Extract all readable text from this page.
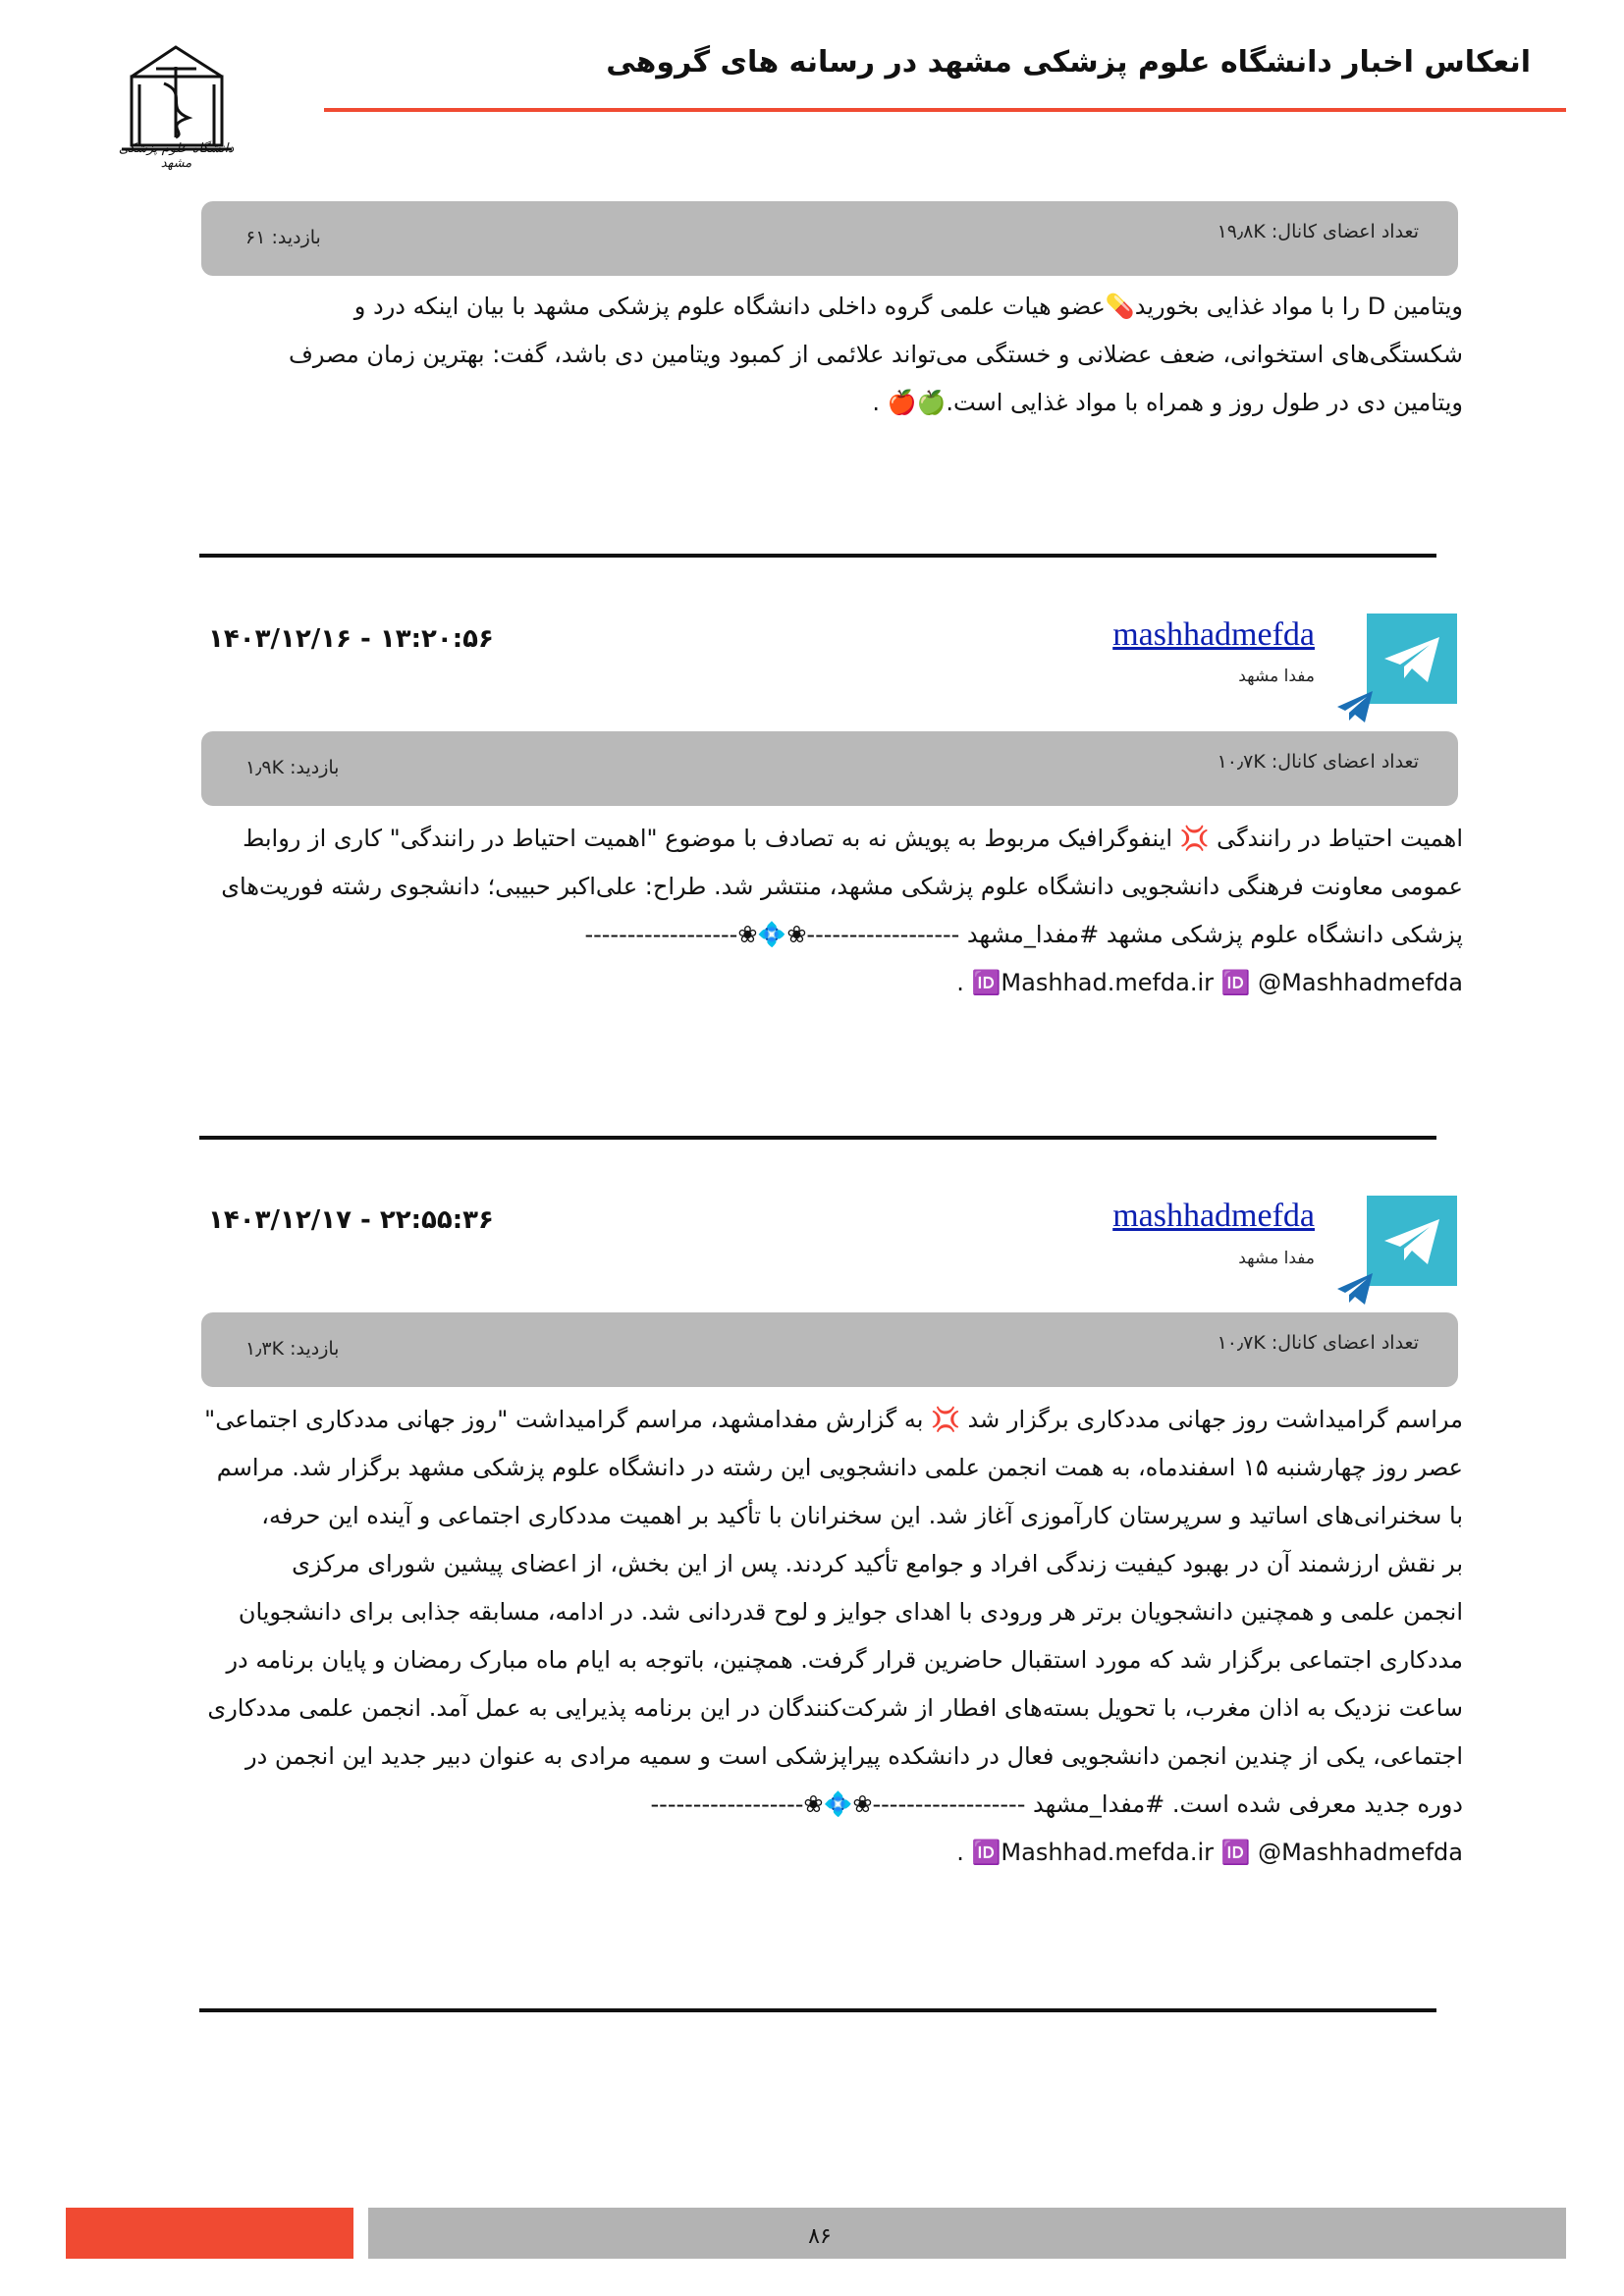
دانشگاه علوم پزشکی مشهد
انعکاس اخبار دانشگاه علوم پزشکی مشهد در رسانه های گروهی
تعداد اعضای کانال: ۱۹٫۸K
بازدید: ۶۱
ویتامین D را با مواد غذایی بخورید💊عضو هیات علمی گروه داخلی دانشگاه علوم پزشکی مشهد با بیان اینکه درد و
شکستگی‌های استخوانی، ضعف عضلانی و خستگی می‌تواند علائمی از کمبود ویتامین دی باشد، گفت: بهترین زمان مصرف
ویتامین دی در طول روز و همراه با مواد غذایی است.🍏🍎 .
mashhadmefda
مفدا مشهد
۱۴۰۳/۱۲/۱۶ - ۱۳:۲۰:۵۶
تعداد اعضای کانال: ۱۰٫۷K
بازدید: ۱٫۹K
اهمیت احتیاط در رانندگی 💢 اینفوگرافیک مربوط به پویش نه به تصادف با موضوع "اهمیت احتیاط در رانندگی" کاری از روابط
عمومی معاونت فرهنگی دانشجویی دانشگاه علوم پزشکی مشهد، منتشر شد. طراح: علی‌اکبر حبیبی؛ دانشجوی رشته فوریت‌های
پزشکی دانشگاه علوم پزشکی مشهد #مفدا_مشهد ------------------❀💠❀------------------
🆔Mashhad.mefda.ir 🆔 @Mashhadmefda .
mashhadmefda
مفدا مشهد
۱۴۰۳/۱۲/۱۷ - ۲۲:۵۵:۳۶
تعداد اعضای کانال: ۱۰٫۷K
بازدید: ۱٫۳K
مراسم گرامیداشت روز جهانی مددکاری برگزار شد 💢 به گزارش مفدامشهد، مراسم گرامیداشت "روز جهانی مددکاری اجتماعی"
عصر روز چهارشنبه ۱۵ اسفندماه، به همت انجمن علمی دانشجویی این رشته در دانشگاه علوم پزشکی مشهد برگزار شد. مراسم
با سخنرانی‌های اساتید و سرپرستان کارآموزی آغاز شد. این سخنرانان با تأکید بر اهمیت مددکاری اجتماعی و آینده این حرفه،
بر نقش ارزشمند آن در بهبود کیفیت زندگی افراد و جوامع تأکید کردند. پس از این بخش، از اعضای پیشین شورای مرکزی
انجمن علمی و همچنین دانشجویان برتر هر ورودی با اهدای جوایز و لوح قدردانی شد. در ادامه، مسابقه جذابی برای دانشجویان
مددکاری اجتماعی برگزار شد که مورد استقبال حاضرین قرار گرفت. همچنین، باتوجه به ایام ماه مبارک رمضان و پایان برنامه در
ساعت نزدیک به اذان مغرب، با تحویل بسته‌های افطار از شرکت‌کنندگان در این برنامه پذیرایی به عمل آمد. انجمن علمی مددکاری
اجتماعی، یکی از چندین انجمن دانشجویی فعال در دانشکده پیراپزشکی است و سمیه مرادی به عنوان دبیر جدید این انجمن در
دوره جدید معرفی شده است. #مفدا_مشهد ------------------❀💠❀------------------
🆔Mashhad.mefda.ir 🆔 @Mashhadmefda .
۸۶
